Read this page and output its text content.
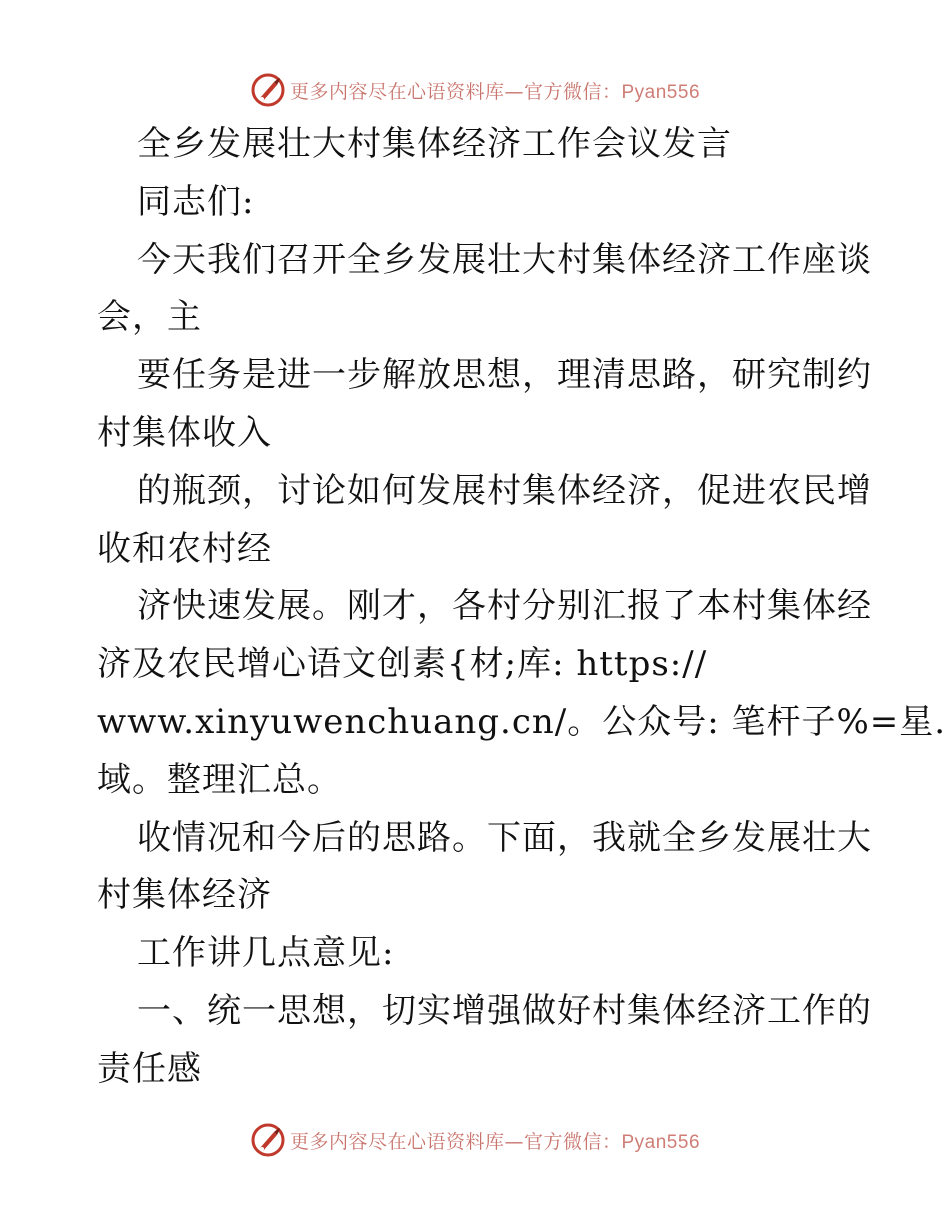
更多内容尽在心语资料库—官方微信：Pyan556
全乡发展壮大村集体经济工作会议发言
同志们:
今天我们召开全乡发展壮大村集体经济工作座谈
会，主
要任务是进一步解放思想，理清思路，研究制约
村集体收入
的瓶颈，讨论如何发展村集体经济，促进农民增
收和农村经
济快速发展。刚才，各村分别汇报了本村集体经
济及农民增心语文创素{材;库: https://
www.xinyuwenchuang.cn/。公众号: 笔杆子%=星.
域。整理汇总。
收情况和今后的思路。下面，我就全乡发展壮大
村集体经济
工作讲几点意见:
一、统一思想，切实增强做好村集体经济工作的
责任感
更多内容尽在心语资料库—官方微信：Pyan556
